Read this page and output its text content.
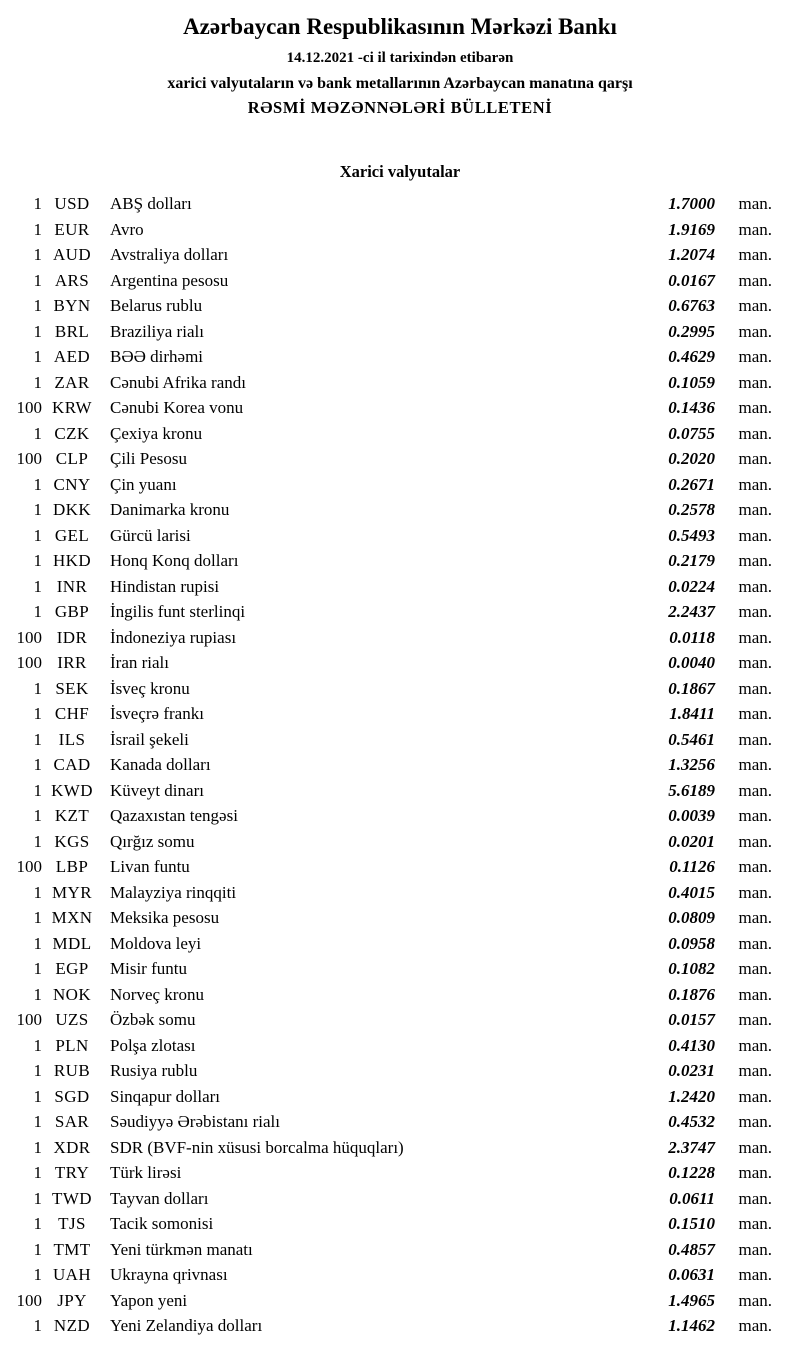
Azərbaycan Respublikasının Mərkəzi Bankı
14.12.2021 -ci il tarixindən etibarən
xarici valyutaların və bank metallarının Azərbaycan manatına qarşı
RƏSMİ MƏZƏNNƏLƏRİ BÜLLETENİ
Xarici valyutalar
1 USD	ABŞ dolları	1.7000	man.
1 EUR	Avro	1.9169	man.
1 AUD	Avstraliya dolları	1.2074	man.
1 ARS	Argentina pesosu	0.0167	man.
1 BYN	Belarus rublu	0.6763	man.
1 BRL	Braziliya rialı	0.2995	man.
1 AED	BƏƏ dirhəmi	0.4629	man.
1 ZAR	Cənubi Afrika randı	0.1059	man.
100 KRW	Cənubi Korea vonu	0.1436	man.
1 CZK	Çexiya kronu	0.0755	man.
100 CLP	Çili Pesosu	0.2020	man.
1 CNY	Çin yuanı	0.2671	man.
1 DKK	Danimarka kronu	0.2578	man.
1 GEL	Gürcü larisi	0.5493	man.
1 HKD	Honq Konq dolları	0.2179	man.
1 INR	Hindistan rupisi	0.0224	man.
1 GBP	İngilis funt sterlinqi	2.2437	man.
100 IDR	İndoneziya rupiası	0.0118	man.
100 IRR	İran rialı	0.0040	man.
1 SEK	İsveç kronu	0.1867	man.
1 CHF	İsveçrə frankı	1.8411	man.
1 ILS	İsrail şekeli	0.5461	man.
1 CAD	Kanada dolları	1.3256	man.
1 KWD	Küveyt dinarı	5.6189	man.
1 KZT	Qazaxıstan tengəsi	0.0039	man.
1 KGS	Qırğız somu	0.0201	man.
100 LBP	Livan funtu	0.1126	man.
1 MYR	Malayziya rinqqiti	0.4015	man.
1 MXN	Meksika pesosu	0.0809	man.
1 MDL	Moldova leyi	0.0958	man.
1 EGP	Misir funtu	0.1082	man.
1 NOK	Norveç kronu	0.1876	man.
100 UZS	Özbək somu	0.0157	man.
1 PLN	Polşa zlotası	0.4130	man.
1 RUB	Rusiya rublu	0.0231	man.
1 SGD	Sinqapur dolları	1.2420	man.
1 SAR	Səudiyyə Ərəbistanı rialı	0.4532	man.
1 XDR	SDR (BVF-nin xüsusi borcalma hüquqları)	2.3747	man.
1 TRY	Türk lirəsi	0.1228	man.
1 TWD	Tayvan dolları	0.0611	man.
1 TJS	Tacik somonisi	0.1510	man.
1 TMT	Yeni türkmən manatı	0.4857	man.
1 UAH	Ukrayna qrivnası	0.0631	man.
100 JPY	Yapon yeni	1.4965	man.
1 NZD	Yeni Zelandiya dolları	1.1462	man.
